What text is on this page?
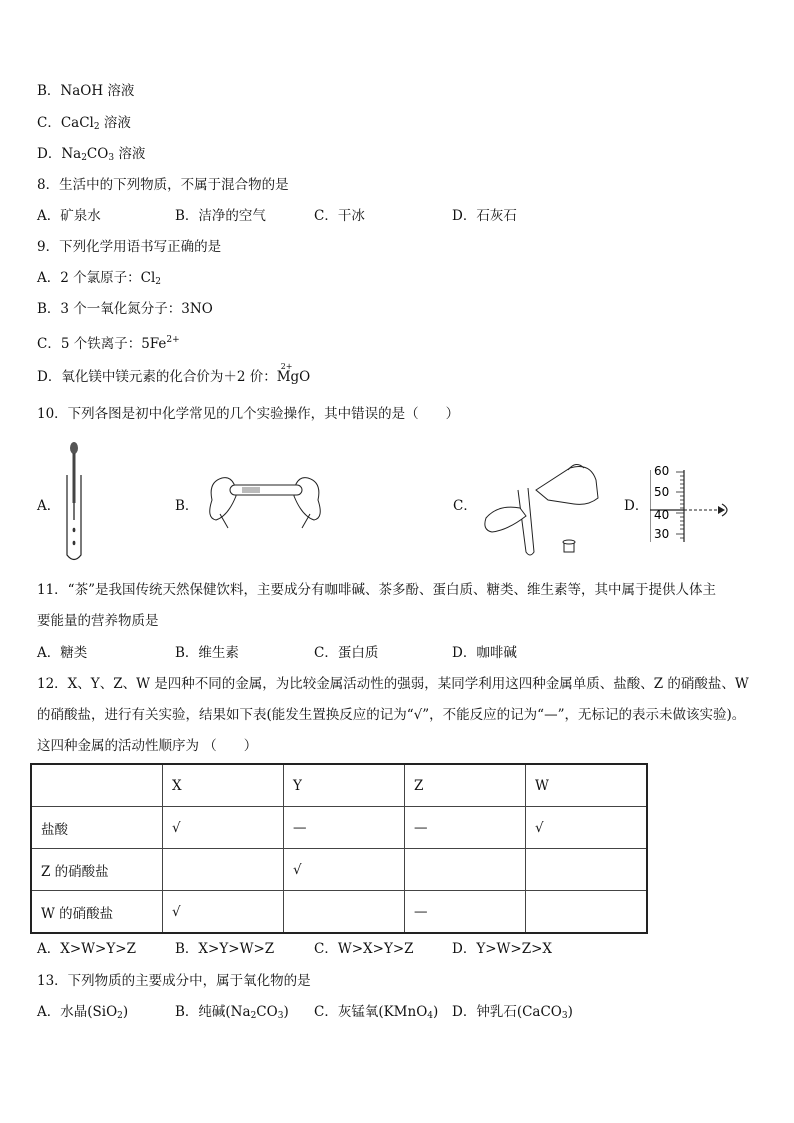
B．NaOH 溶液
C．CaCl$_2$ 溶液
D．$Na_2CO_3$ 溶液
8．生活中的下列物质，不属于混合物的是
A．矿泉水	B．洁净的空气	C．干冰	D．石灰石
9．下列化学用语书写正确的是
A．2 个氯原子：$Cl_2$
B．3 个一氧化氮分子：3NO
C．5 个铁离子：$5Fe^{2+}$
D．氧化镁中镁元素的化合价为＋2 价：
2+
MgO
10．下列各图是初中化学常见的几个实验操作，其中错误的是（　　）
A．	B．	C．	D．
60
50
40
30
11．“茶”是我国传统天然保健饮料，主要成分有咖啡碱、茶多酚、蛋白质、糖类、维生素等，其中属于提供人体主
要能量的营养物质是
A．糖类	B．维生素	C．蛋白质	D．咖啡碱
12．X、Y、Z、W 是四种不同的金属，为比较金属活动性的强弱，某同学利用这四种金属单质、盐酸、Z 的硝酸盐、W 的硝酸盐，进行有关实验，结果如下表(能发生置换反应的记为“√”，不能反应的记为“—”，无标记的表示未做该实验)。这四种金属的活动性顺序为 （　　）
	X	Y	Z	W
盐酸	√	—	—	√
Z 的硝酸盐		√		
W 的硝酸盐	√		—	
A．X>W>Y>Z	B．X>Y>W>Z	C．W>X>Y>Z	D．Y>W>Z>X
13．下列物质的主要成分中，属于氧化物的是
A．水晶(SiO$_2$)	B．纯碱$(Na_2CO_3)$ C．灰锰氧(KMnO$_4$) D．钟乳石(CaCO$_3$)
